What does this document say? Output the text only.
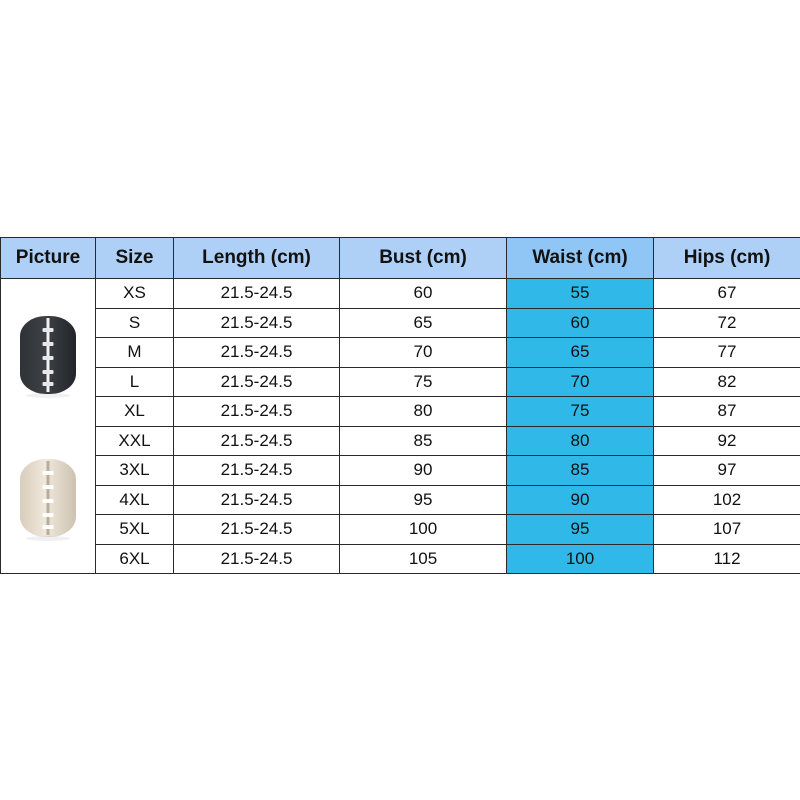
Picture	Size	Length (cm)	Bust (cm)	Waist (cm)	Hips (cm)

	XS	21.5-24.5	60	55	67
	S	21.5-24.5	65	60	72
	M	21.5-24.5	70	65	77
	L	21.5-24.5	75	70	82
	XL	21.5-24.5	80	75	87
	XXL	21.5-24.5	85	80	92
	3XL	21.5-24.5	90	85	97
	4XL	21.5-24.5	95	90	102
	5XL	21.5-24.5	100	95	107
	6XL	21.5-24.5	105	100	112
